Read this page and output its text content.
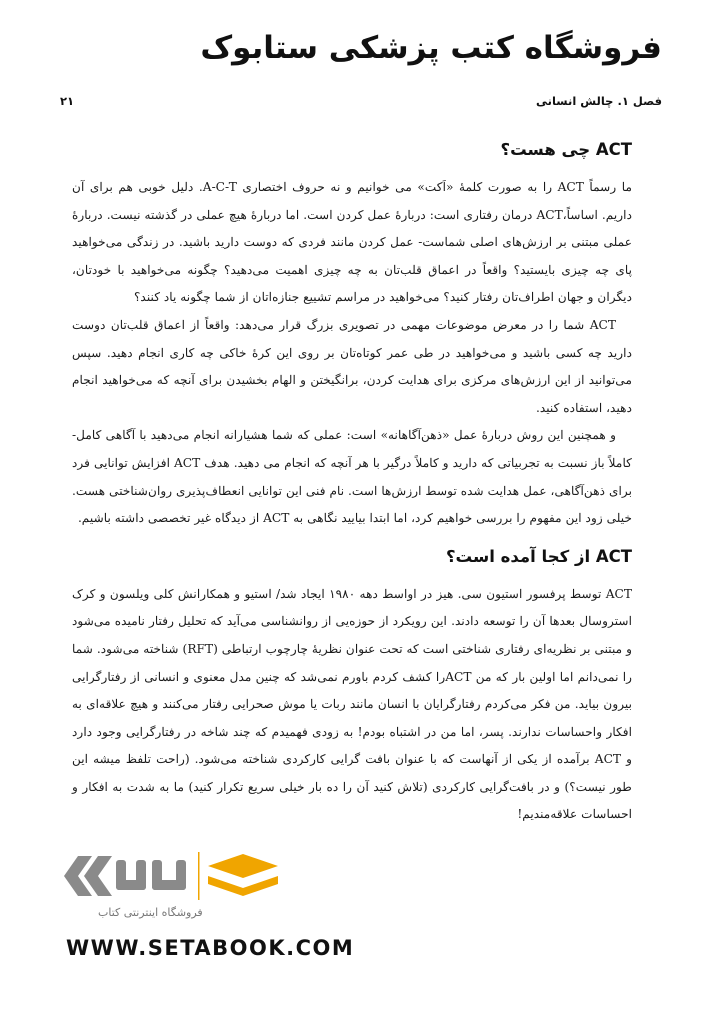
فروشگاه کتب پزشکی ستابوک
فصل ۱. چالش انسانی
۲۱
ACT چی هست؟

ما رسماً ACT را به صورت کلمهٔ «اَکت» می خوانیم و نه حروف اختصاری A-C-T. دلیل خوبی هم برای آن داریم. اساساً،ACT درمان رفتاری است: دربارهٔ عمل کردن است. اما دربارهٔ هیچ عملی در گذشته نیست. دربارهٔ عملی مبتنی بر ارزش‌های اصلی شماست- عمل کردن مانند فردی که دوست دارید باشید. در زندگی می‌خواهید پای چه چیزی بایستید؟ واقعاً در اعماق قلب‌تان به چه چیزی اهمیت می‌دهید؟ چگونه می‌خواهید با خودتان، دیگران و جهان اطراف‌تان رفتار کنید؟ می‌خواهید در مراسم تشییع جنازه‌اتان از شما چگونه یاد کنند؟

ACT شما را در معرض موضوعات مهمی در تصویری بزرگ قرار می‌دهد: واقعاً از اعماق قلب‌تان دوست دارید چه کسی باشید و می‌خواهید در طی عمر کوتاه‌تان بر روی این کرهٔ خاکی چه کاری انجام دهید. سپس می‌توانید از این ارزش‌های مرکزی برای هدایت کردن، برانگیختن و الهام بخشیدن برای آنچه که می‌خواهید انجام دهید، استفاده کنید.

و همچنین این روش دربارهٔ عمل «ذهن‌آگاهانه» است: عملی که شما هشیارانه انجام می‌دهید با آگاهی کامل- کاملاً باز نسبت به تجربیاتی که دارید و کاملاً درگیر با هر آنچه که انجام می دهید. هدف ACT افزایش توانایی فرد برای ذهن‌آگاهی، عمل هدایت شده توسط ارزش‌ها است. نام فنی این توانایی انعطاف‌پذیری روان‌شناختی هست. خیلی زود این مفهوم را بررسی خواهیم کرد، اما ابتدا بیایید نگاهی به ACT از دیدگاه غیر تخصصی داشته باشیم.

ACT از کجا آمده است؟

ACT توسط پرفسور استیون سی. هیز در اواسط دهه ۱۹۸۰ ایجاد شد/ استیو و همکارانش کلی ویلسون و کرک استروسال بعدها آن را توسعه دادند. این رویکرد از حوزه‌یی از روانشناسی می‌آید که تحلیل رفتار نامیده می‌شود و مبتنی بر نظریه‌ای رفتاری شناختی است که تحت عنوان نظریهٔ چارچوب ارتباطی (RFT) شناخته می‌شود. شما را نمی‌دانم اما اولین بار که من ACTرا کشف کردم باورم نمی‌شد که چنین مدل معنوی و انسانی از رفتارگرایی بیرون بیاید. من فکر می‌کردم رفتارگرایان با انسان مانند ربات یا موش صحرایی رفتار می‌کنند و هیچ علاقه‌ای به افکار واحساسات ندارند. پسر، اما من در اشتباه بودم! به زودی فهمیدم که چند شاخه در رفتارگرایی وجود دارد و ACT برآمده از یکی از آنهاست که با عنوان بافت گرایی کارکردی شناخته می‌شود. (راحت تلفظ میشه این طور نیست؟) و در بافت‌گرایی کارکردی (تلاش کنید آن را ده بار خیلی سریع تکرار کنید) ما به شدت به افکار و احساسات علاقه‌مندیم!

فروشگاه اینترنتی کتاب
WWW.SETABOOK.COM
